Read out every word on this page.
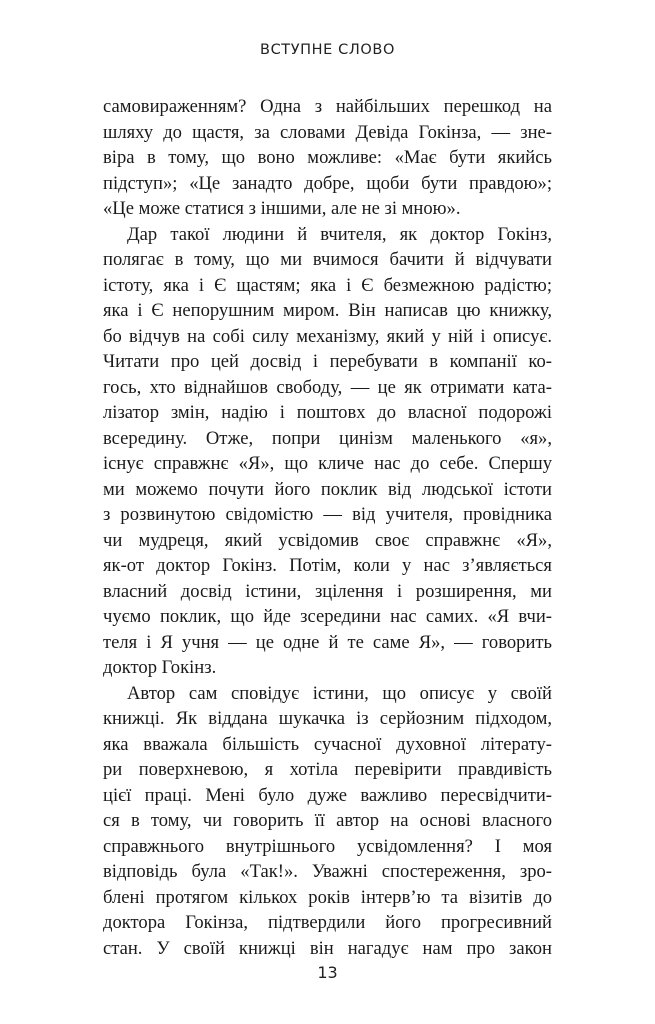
ВСТУПНЕ СЛОВО
самовираженням? Одна з найбільших перешкод на
шляху до щастя, за словами Девіда Гокінза, — зне-
віра в тому, що воно можливе: «Має бути якийсь
підступ»; «Це занадто добре, щоби бути правдою»;
«Це може статися з іншими, але не зі мною».
Дар такої людини й вчителя, як доктор Гокінз,
полягає в тому, що ми вчимося бачити й відчувати
істоту, яка і Є щастям; яка і Є безмежною радістю;
яка і Є непорушним миром. Він написав цю книжку,
бо відчув на собі силу механізму, який у ній і описує.
Читати про цей досвід і перебувати в компанії ко-
гось, хто віднайшов свободу, — це як отримати ката-
лізатор змін, надію і поштовх до власної подорожі
всередину. Отже, попри цинізм маленького «я»,
існує справжнє «Я», що кличе нас до себе. Спершу
ми можемо почути його поклик від людської істоти
з розвинутою свідомістю — від учителя, провідника
чи мудреця, який усвідомив своє справжнє «Я»,
як-от доктор Гокінз. Потім, коли у нас з’являється
власний досвід істини, зцілення і розширення, ми
чуємо поклик, що йде зсередини нас самих. «Я вчи-
теля і Я учня — це одне й те саме Я», — говорить
доктор Гокінз.
Автор сам сповідує істини, що описує у своїй
книжці. Як віддана шукачка із серйозним підходом,
яка вважала більшість сучасної духовної літерату-
ри поверхневою, я хотіла перевірити правдивість
цієї праці. Мені було дуже важливо пересвідчити-
ся в тому, чи говорить її автор на основі власного
справжнього внутрішнього усвідомлення? І моя
відповідь була «Так!». Уважні спостереження, зро-
блені протягом кількох років інтерв’ю та візитів до
доктора Гокінза, підтвердили його прогресивний
стан. У своїй книжці він нагадує нам про закон
13
